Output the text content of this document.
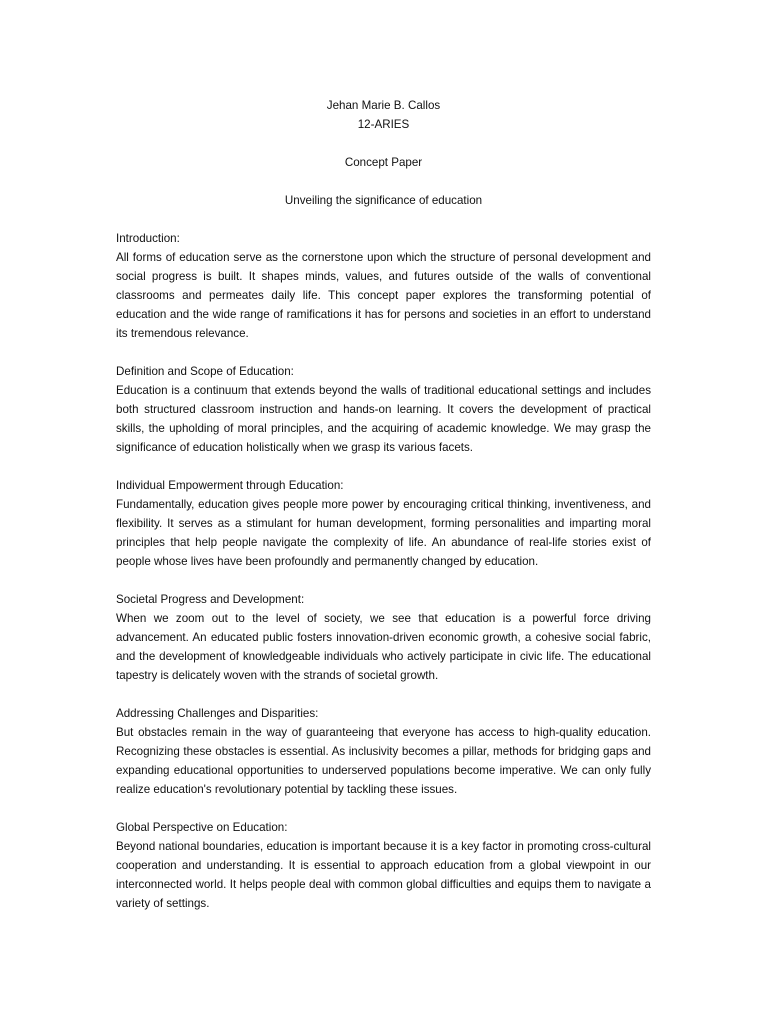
Jehan Marie B. Callos

12-ARIES

Concept Paper

Unveiling the significance of education

Introduction:

All forms of education serve as the cornerstone upon which the structure of personal development and social progress is built. It shapes minds, values, and futures outside of the walls of conventional classrooms and permeates daily life. This concept paper explores the transforming potential of education and the wide range of ramifications it has for persons and societies in an effort to understand its tremendous relevance.

Definition and Scope of Education:

Education is a continuum that extends beyond the walls of traditional educational settings and includes both structured classroom instruction and hands-on learning. It covers the development of practical skills, the upholding of moral principles, and the acquiring of academic knowledge. We may grasp the significance of education holistically when we grasp its various facets.

Individual Empowerment through Education:

Fundamentally, education gives people more power by encouraging critical thinking, inventiveness, and flexibility. It serves as a stimulant for human development, forming personalities and imparting moral principles that help people navigate the complexity of life. An abundance of real-life stories exist of people whose lives have been profoundly and permanently changed by education.

Societal Progress and Development:

When we zoom out to the level of society, we see that education is a powerful force driving advancement. An educated public fosters innovation-driven economic growth, a cohesive social fabric, and the development of knowledgeable individuals who actively participate in civic life. The educational tapestry is delicately woven with the strands of societal growth.

Addressing Challenges and Disparities:

But obstacles remain in the way of guaranteeing that everyone has access to high-quality education. Recognizing these obstacles is essential. As inclusivity becomes a pillar, methods for bridging gaps and expanding educational opportunities to underserved populations become imperative. We can only fully realize education's revolutionary potential by tackling these issues.

Global Perspective on Education:

Beyond national boundaries, education is important because it is a key factor in promoting cross-cultural cooperation and understanding. It is essential to approach education from a global viewpoint in our interconnected world. It helps people deal with common global difficulties and equips them to navigate a variety of settings.
